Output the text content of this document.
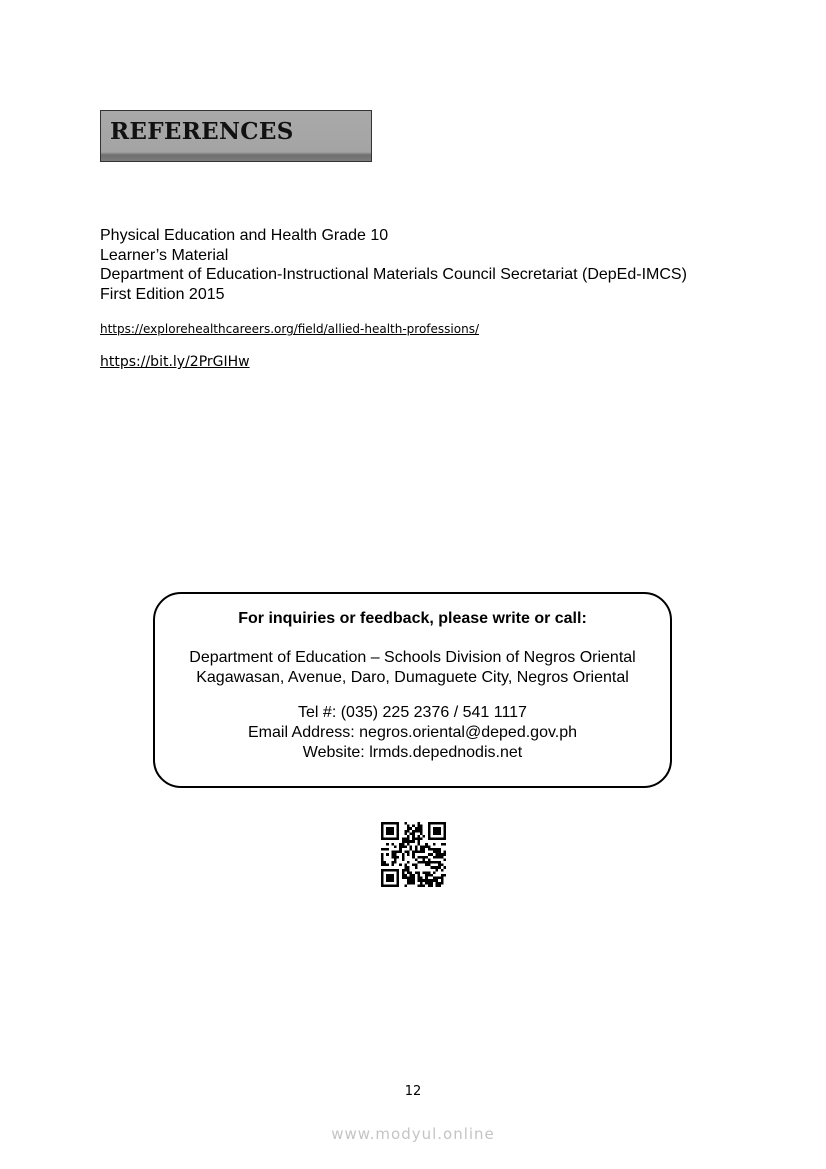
REFERENCES
Physical Education and Health Grade 10
Learner’s Material
Department of Education-Instructional Materials Council Secretariat (DepEd-IMCS)
First Edition 2015
https://explorehealthcareers.org/field/allied-health-professions/
https://bit.ly/2PrGIHw
For inquiries or feedback, please write or call:
Department of Education – Schools Division of Negros Oriental
Kagawasan, Avenue, Daro, Dumaguete City, Negros Oriental
Tel #: (035) 225 2376 / 541 1117
Email Address: negros.oriental@deped.gov.ph
Website: lrmds.depednodis.net
12
www.modyul.online
